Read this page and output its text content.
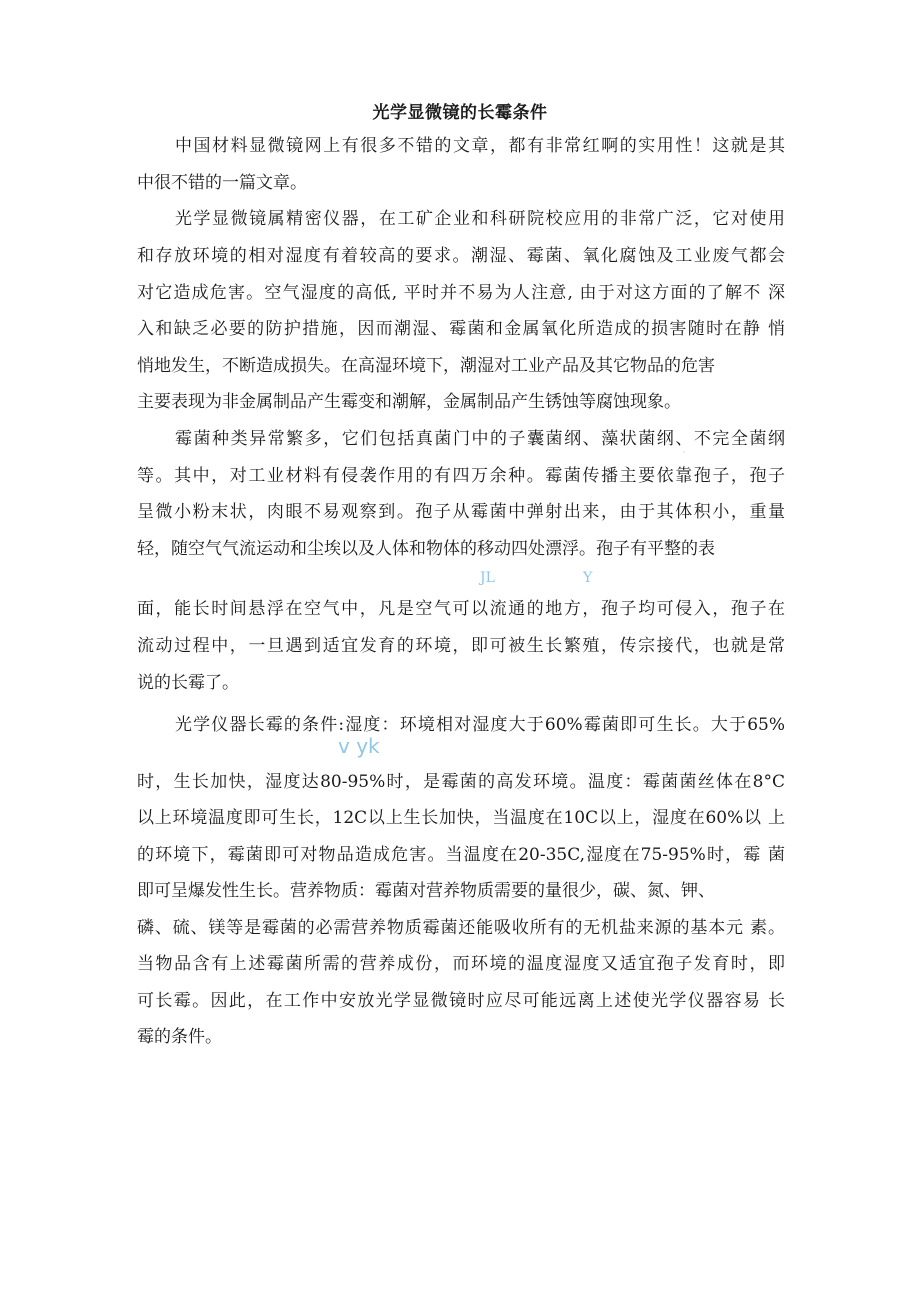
光学显微镜的长霉条件
中国材料显微镜网上有很多不错的文章，都有非常红啊的实用性！这就是其
中很不错的一篇文章。
光学显微镜属精密仪器，在工矿企业和科研院校应用的非常广泛，它对使用
和存放环境的相对湿度有着较高的要求。潮湿、霉菌、氧化腐蚀及工业废气都会
对它造成危害。空气湿度的高低, 平时并不易为人注意, 由于对这方面的了解不 深
入和缺乏必要的防护措施，因而潮湿、霉菌和金属氧化所造成的损害随时在静 悄
悄地发生，不断造成损失。在高湿环境下，潮湿对工业产品及其它物品的危害
主要表现为非金属制品产生霉变和潮解，金属制品产生锈蚀等腐蚀现象。
霉菌种类异常繁多，它们包括真菌门中的子囊菌纲、藻状菌纲、不完全菌纲
′
等。其中，对工业材料有侵袭作用的有四万余种。霉菌传播主要依靠孢子，孢子
呈微小粉末状，肉眼不易观察到。孢子从霉菌中弹射出来，由于其体积小，重量
轻，随空气气流运动和尘埃以及人体和物体的移动四处漂浮。孢子有平整的表
JL	Y
面，能长时间悬浮在空气中，凡是空气可以流通的地方，孢子均可侵入，孢子在
流动过程中，一旦遇到适宜发育的环境，即可被生长繁殖，传宗接代，也就是常
说的长霉了。
光学仪器长霉的条件:湿度：环境相对湿度大于60%霉菌即可生长。大于65%
v yk
时，生长加快，湿度达80-95%时，是霉菌的高发环境。温度：霉菌菌丝体在8°C
以上环境温度即可生长，12C以上生长加快，当温度在10C以上，湿度在60%以 上
的环境下，霉菌即可对物品造成危害。当温度在20-35C,湿度在75-95%时，霉 菌
即可呈爆发性生长。营养物质：霉菌对营养物质需要的量很少，碳、氮、钾、
磷、硫、镁等是霉菌的必需营养物质霉菌还能吸收所有的无机盐来源的基本元 素。
当物品含有上述霉菌所需的营养成份，而环境的温度湿度又适宜孢子发育时，即
可长霉。因此，在工作中安放光学显微镜时应尽可能远离上述使光学仪器容易 长
霉的条件。
